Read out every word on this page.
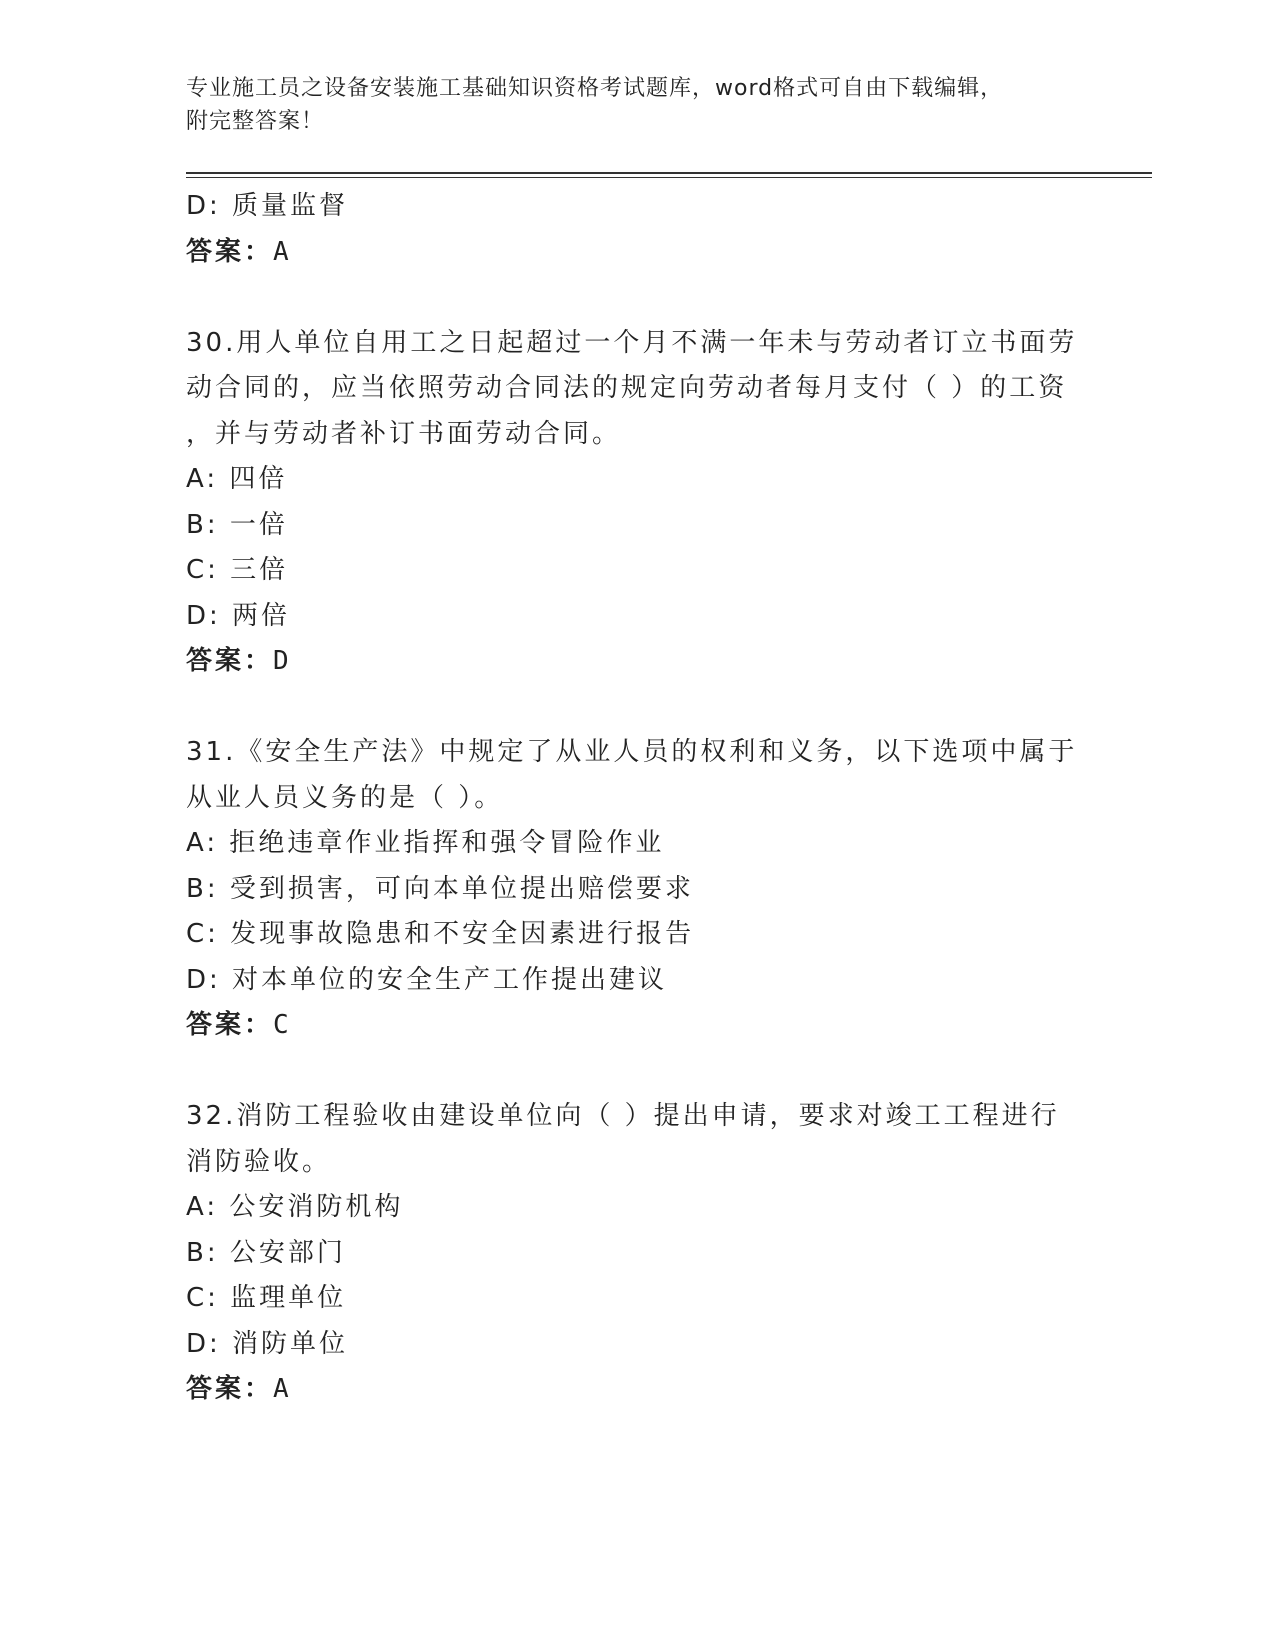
专业施工员之设备安装施工基础知识资格考试题库，word格式可自由下载编辑，
附完整答案！
D: 质量监督
答案：A
30.用人单位自用工之日起超过一个月不满一年未与劳动者订立书面劳
动合同的，应当依照劳动合同法的规定向劳动者每月支付（ ）的工资
，并与劳动者补订书面劳动合同。
A: 四倍
B: 一倍
C: 三倍
D: 两倍
答案：D
31.《安全生产法》中规定了从业人员的权利和义务，以下选项中属于
从业人员义务的是（ ）。
A: 拒绝违章作业指挥和强令冒险作业
B: 受到损害，可向本单位提出赔偿要求
C: 发现事故隐患和不安全因素进行报告
D: 对本单位的安全生产工作提出建议
答案：C
32.消防工程验收由建设单位向（ ）提出申请，要求对竣工工程进行
消防验收。
A: 公安消防机构
B: 公安部门
C: 监理单位
D: 消防单位
答案：A
